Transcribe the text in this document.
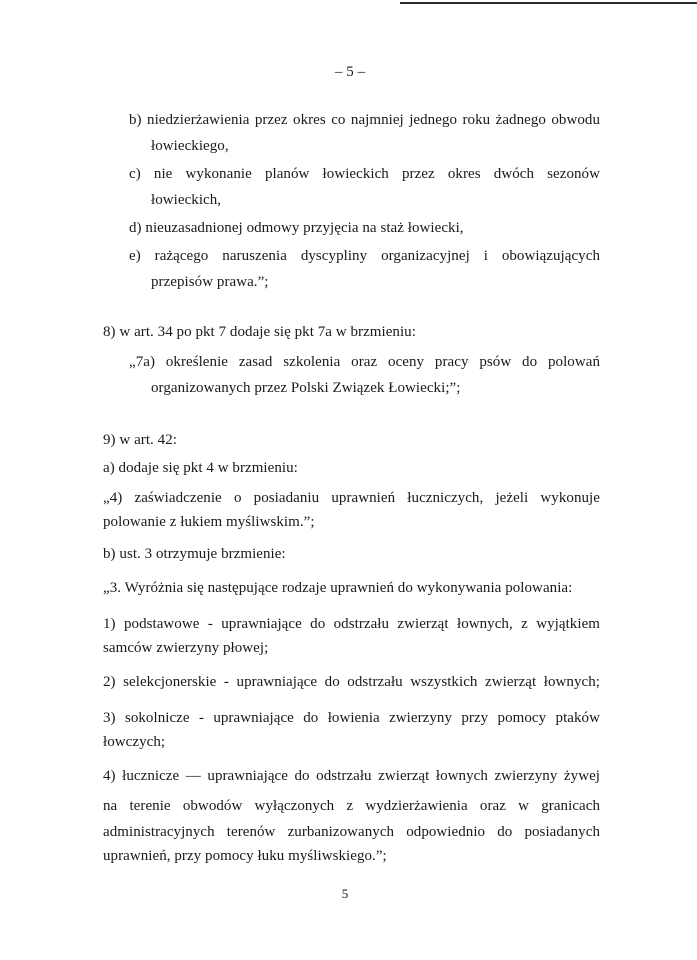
– 5 –
b) niedzierżawienia przez okres co najmniej jednego roku żadnego obwodu
łowieckiego,
c) nie wykonanie planów łowieckich przez okres dwóch sezonów
łowieckich,
d) nieuzasadnionej odmowy przyjęcia na staż łowiecki,
e) rażącego naruszenia dyscypliny organizacyjnej i obowiązujących
przepisów prawa.”;
8) w art. 34 po pkt 7 dodaje się pkt 7a w brzmieniu:
„7a) określenie zasad szkolenia oraz oceny pracy psów do polowań
organizowanych przez Polski Związek Łowiecki;”;
9) w art. 42:
a) dodaje się pkt 4 w brzmieniu:
„4) zaświadczenie o posiadaniu uprawnień łuczniczych, jeżeli wykonuje
polowanie z łukiem myśliwskim.”;
b) ust. 3 otrzymuje brzmienie:
„3. Wyróżnia się następujące rodzaje uprawnień do wykonywania polowania:
1) podstawowe - uprawniające do odstrzału zwierząt łownych, z wyjątkiem
samców zwierzyny płowej;
2) selekcjonerskie - uprawniające do odstrzału wszystkich zwierząt łownych;
3) sokolnicze - uprawniające do łowienia zwierzyny przy pomocy ptaków
łowczych;
4) łucznicze — uprawniające do odstrzału zwierząt łownych zwierzyny żywej
na terenie obwodów wyłączonych z wydzierżawienia oraz w granicach
administracyjnych terenów zurbanizowanych odpowiednio do posiadanych
uprawnień, przy pomocy łuku myśliwskiego.”;
5
